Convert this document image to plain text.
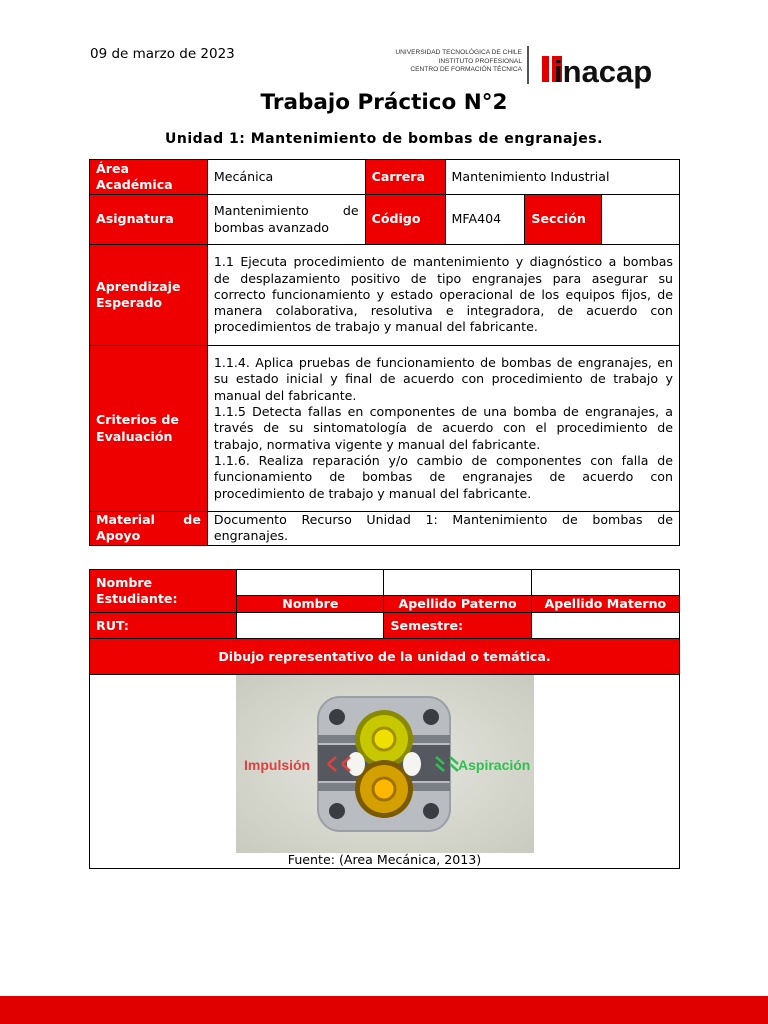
09 de marzo de 2023	UNIVERSIDAD TECNOLÓGICA DE CHILE
INSTITUTO PROFESIONAL
CENTRO DE FORMACIÓN TÉCNICA inacap
Trabajo Práctico N°2
Unidad 1: Mantenimiento de bombas de engranajes.
Área Académica	Mecánica	Carrera	Mantenimiento Industrial		
Asignatura	Mantenimiento de bombas avanzado	Código	MFA404	Sección	
Aprendizaje Esperado	1.1 Ejecuta procedimiento de mantenimiento y diagnóstico a bombas de desplazamiento positivo de tipo engranajes para asegurar su correcto funcionamiento y estado operacional de los equipos fijos, de manera colaborativa, resolutiva e integradora, de acuerdo con procedimientos de trabajo y manual del fabricante.				
Criterios de Evaluación	1.1.4. Aplica pruebas de funcionamiento de bombas de engranajes, en su estado inicial y final de acuerdo con procedimiento de trabajo y manual del fabricante.
1.1.5 Detecta fallas en componentes de una bomba de engranajes, a través de su sintomatología de acuerdo con el procedimiento de trabajo, normativa vigente y manual del fabricante.
1.1.6. Realiza reparación y/o cambio de componentes con falla de funcionamiento de bombas de engranajes de acuerdo con procedimiento de trabajo y manual del fabricante.				

Material de Apoyo	Documento Recurso Unidad 1: Mantenimiento de bombas de engranajes.				
Nombre Estudiante:			
	Nombre	Apellido Paterno	Apellido Materno
RUT:		Semestre:	
Dibujo representativo de la unidad o temática.			

Impulsión Aspiración
Fuente: (Area Mecánica, 2013)			
